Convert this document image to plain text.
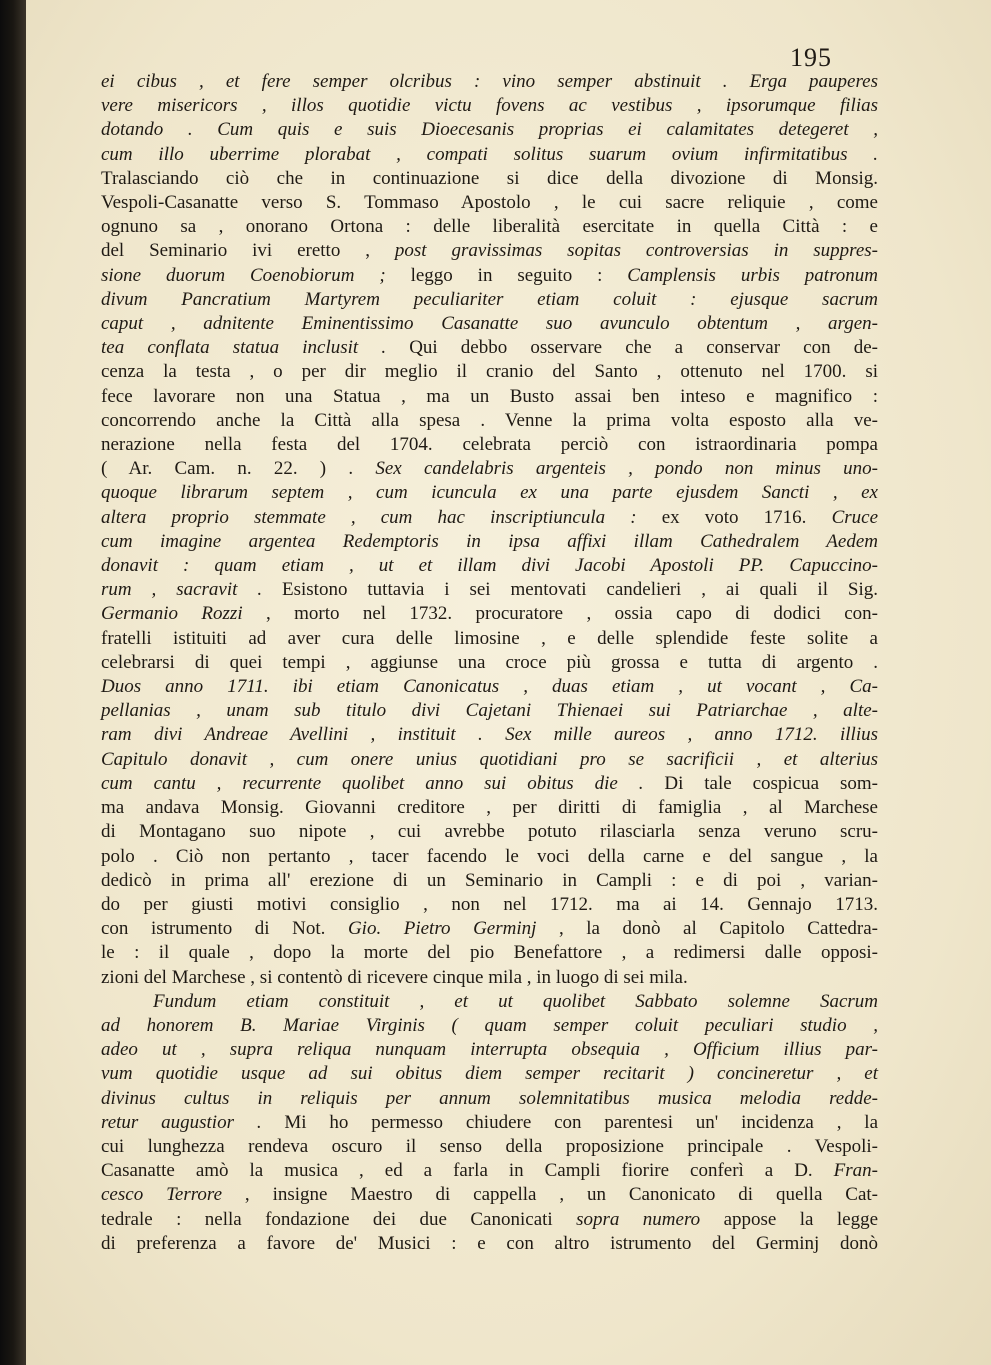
195
ei cibus , et fere semper olcribus : vino semper abstinuit . Erga pauperes
vere misericors , illos quotidie victu fovens ac vestibus , ipsorumque filias
dotando . Cum quis e suis Dioecesanis proprias ei calamitates detegeret ,
cum illo uberrime plorabat , compati solitus suarum ovium infirmitatibus .
Tralasciando ciò che in continuazione si dice della divozione di Monsig.
Vespoli-Casanatte verso S. Tommaso Apostolo , le cui sacre reliquie , come
ognuno sa , onorano Ortona : delle liberalità esercitate in quella Città : e
del Seminario ivi eretto , post gravissimas sopitas controversias in suppres-
sione duorum Coenobiorum ; leggo in seguito : Camplensis urbis patronum
divum Pancratium Martyrem peculiariter etiam coluit : ejusque sacrum
caput , adnitente Eminentissimo Casanatte suo avunculo obtentum , argen-
tea conflata statua inclusit . Qui debbo osservare che a conservar con de-
cenza la testa , o per dir meglio il cranio del Santo , ottenuto nel 1700. si
fece lavorare non una Statua , ma un Busto assai ben inteso e magnifico :
concorrendo anche la Città alla spesa . Venne la prima volta esposto alla ve-
nerazione nella festa del 1704. celebrata perciò con istraordinaria pompa
( Ar. Cam. n. 22. ) . Sex candelabris argenteis , pondo non minus uno-
quoque librarum septem , cum icuncula ex una parte ejusdem Sancti , ex
altera proprio stemmate , cum hac inscriptiuncula : ex voto 1716. Cruce
cum imagine argentea Redemptoris in ipsa affixi illam Cathedralem Aedem
donavit : quam etiam , ut et illam divi Jacobi Apostoli PP. Capuccino-
rum , sacravit . Esistono tuttavia i sei mentovati candelieri , ai quali il Sig.
Germanio Rozzi , morto nel 1732. procuratore , ossia capo di dodici con-
fratelli istituiti ad aver cura delle limosine , e delle splendide feste solite a
celebrarsi di quei tempi , aggiunse una croce più grossa e tutta di argento .
Duos anno 1711. ibi etiam Canonicatus , duas etiam , ut vocant , Ca-
pellanias , unam sub titulo divi Cajetani Thienaei sui Patriarchae , alte-
ram divi Andreae Avellini , instituit . Sex mille aureos , anno 1712. illius
Capitulo donavit , cum onere unius quotidiani pro se sacrificii , et alterius
cum cantu , recurrente quolibet anno sui obitus die . Di tale cospicua som-
ma andava Monsig. Giovanni creditore , per diritti di famiglia , al Marchese
di Montagano suo nipote , cui avrebbe potuto rilasciarla senza veruno scru-
polo . Ciò non pertanto , tacer facendo le voci della carne e del sangue , la
dedicò in prima all' erezione di un Seminario in Campli : e di poi , varian-
do per giusti motivi consiglio , non nel 1712. ma ai 14. Gennajo 1713.
con istrumento di Not. Gio. Pietro Germinj , la donò al Capitolo Cattedra-
le : il quale , dopo la morte del pio Benefattore , a redimersi dalle opposi-
zioni del Marchese , si contentò di ricevere cinque mila , in luogo di sei mila.
Fundum etiam constituit , et ut quolibet Sabbato solemne Sacrum
ad honorem B. Mariae Virginis ( quam semper coluit peculiari studio ,
adeo ut , supra reliqua nunquam interrupta obsequia , Officium illius par-
vum quotidie usque ad sui obitus diem semper recitarit ) concineretur , et
divinus cultus in reliquis per annum solemnitatibus musica melodia redde-
retur augustior . Mi ho permesso chiudere con parentesi un' incidenza , la
cui lunghezza rendeva oscuro il senso della proposizione principale . Vespoli-
Casanatte amò la musica , ed a farla in Campli fiorire conferì a D. Fran-
cesco Terrore , insigne Maestro di cappella , un Canonicato di quella Cat-
tedrale : nella fondazione dei due Canonicati sopra numero appose la legge
di preferenza a favore de' Musici : e con altro istrumento del Germinj donò
